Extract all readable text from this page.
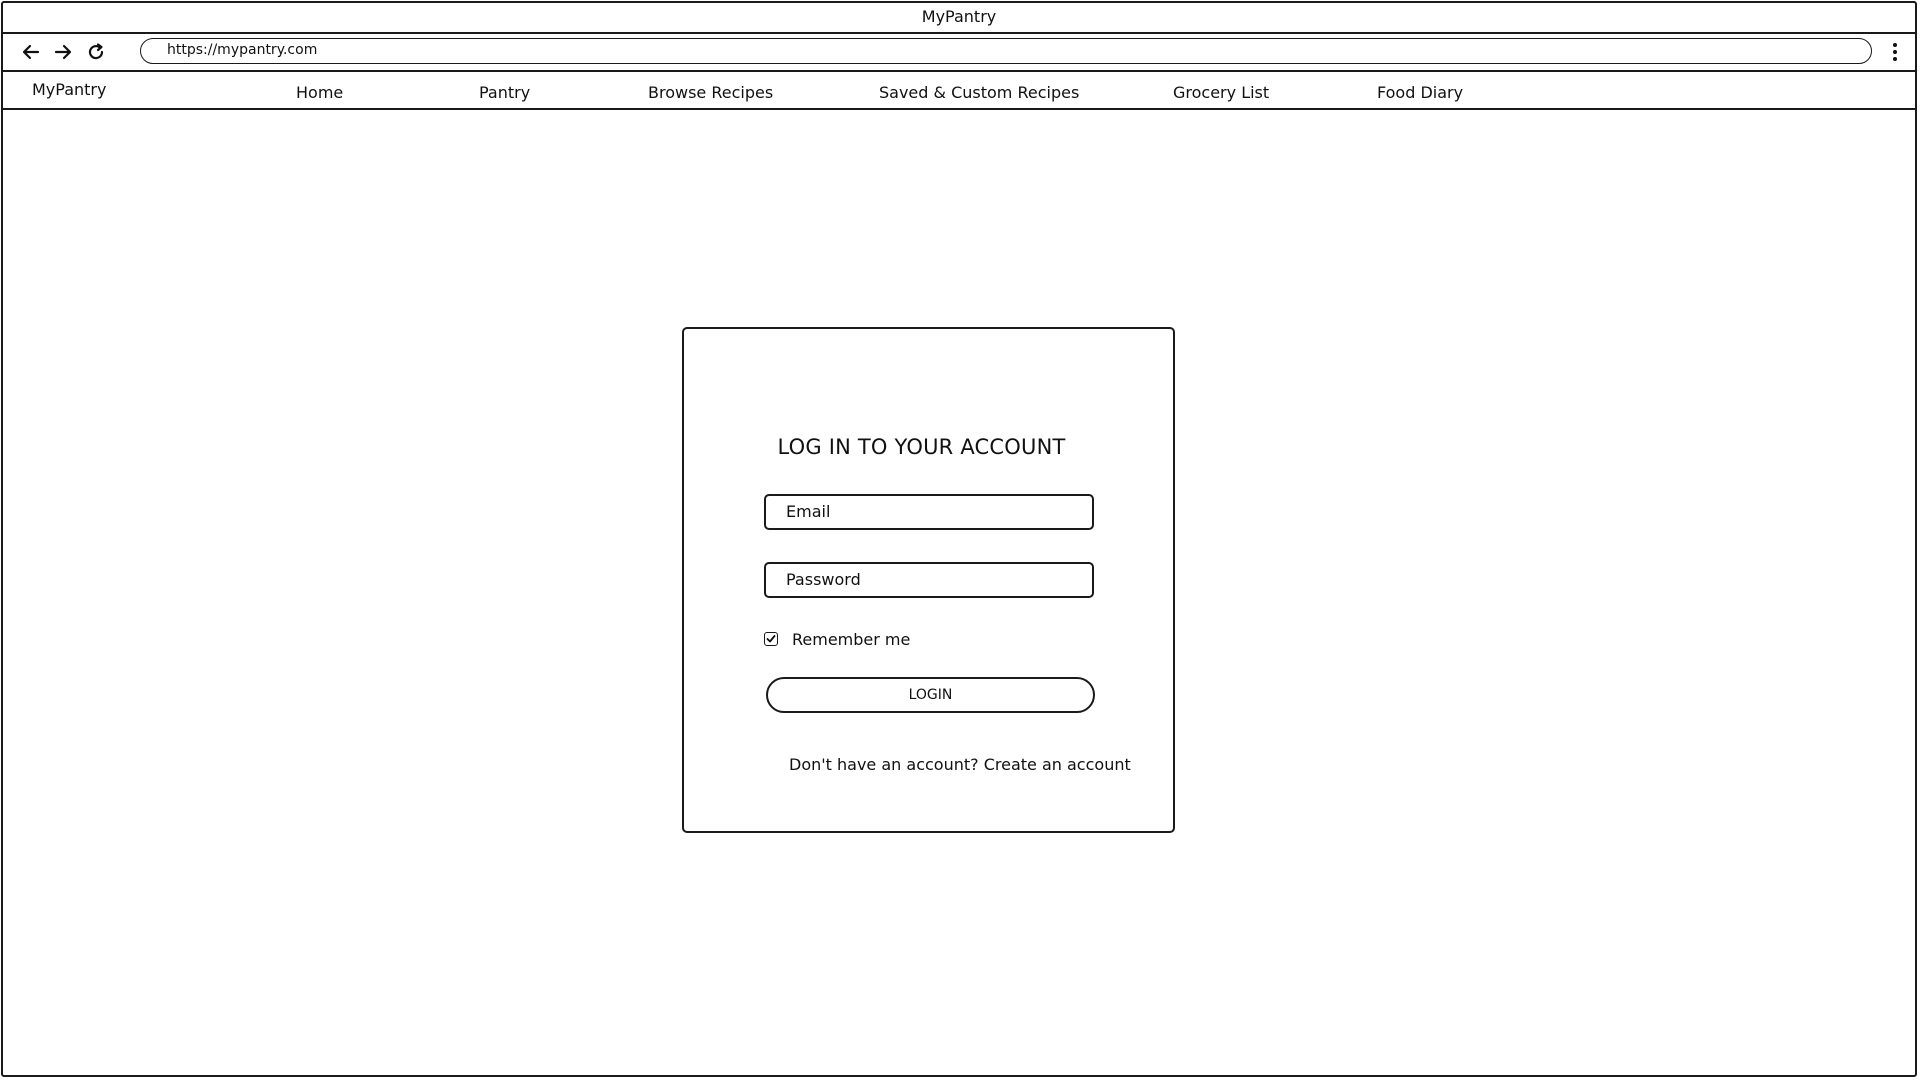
MyPantry
https://mypantry.com
MyPantry	Home	Pantry	Browse Recipes	Saved & Custom Recipes	Grocery List	Food Diary
LOG IN TO YOUR ACCOUNT
Email
Password
Remember me
LOGIN
Don't have an account? Create an account
